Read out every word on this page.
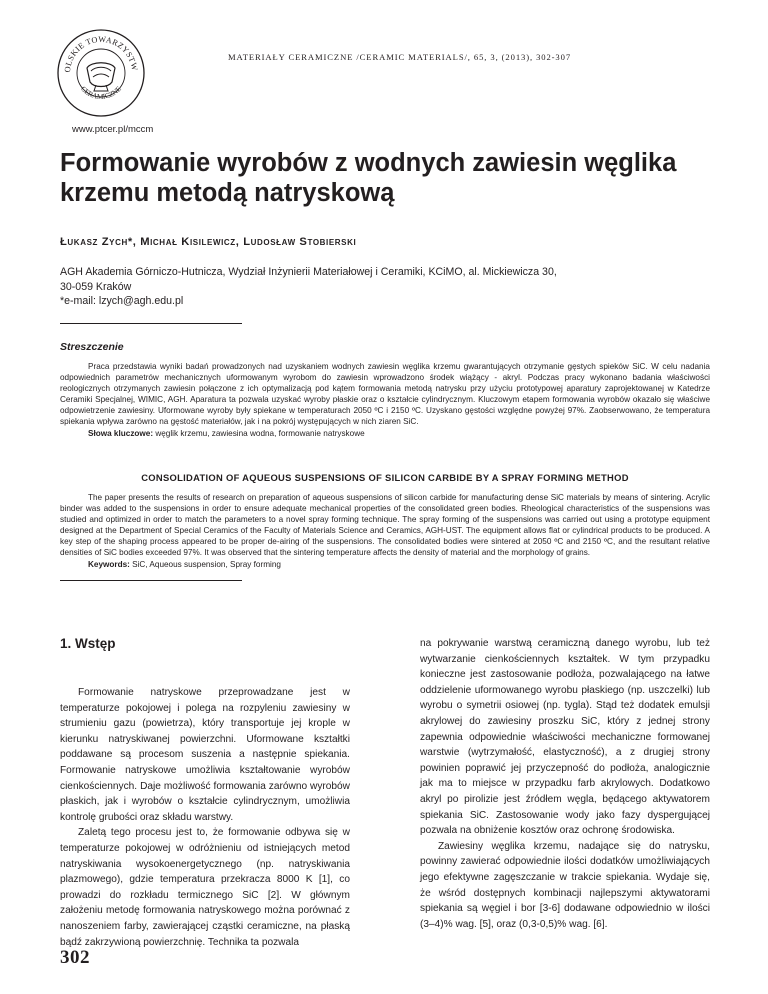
OLSKIE TOWARZYSTW
CERAMICZNE
www.ptcer.pl/mccm
MATERIAŁY CERAMICZNE /CERAMIC MATERIALS/, 65, 3, (2013), 302-307
Formowanie wyrobów z wodnych zawiesin węglika krzemu metodą natryskową
Łukasz Zych*, Michał Kisilewicz, Ludosław Stobierski
AGH Akademia Górniczo-Hutnicza, Wydział Inżynierii Materiałowej i Ceramiki, KCiMO, al. Mickiewicza 30,
30-059 Kraków
*e-mail: lzych@agh.edu.pl
Streszczenie

Praca przedstawia wyniki badań prowadzonych nad uzyskaniem wodnych zawiesin węglika krzemu gwarantujących otrzymanie gęstych spieków SiC. W celu nadania odpowiednich parametrów mechanicznych uformowanym wyrobom do zawiesin wprowadzono środek wiążący - akryl. Podczas pracy wykonano badania właściwości reologicznych otrzymanych zawiesin połączone z ich optymalizacją pod kątem formowania metodą natrysku przy użyciu prototypowej aparatury zaprojektowanej w Katedrze Ceramiki Specjalnej, WIMIC, AGH. Aparatura ta pozwala uzyskać wyroby płaskie oraz o kształcie cylindrycznym. Kluczowym etapem formowania wyrobów okazało się właściwe odpowietrzenie zawiesiny. Uformowane wyroby były spiekane w temperaturach 2050 ºC i 2150 ºC. Uzyskano gęstości względne powyżej 97%. Zaobserwowano, że temperatura spiekania wpływa zarówno na gęstość materiałów, jak i na pokrój występujących w nich ziaren SiC.

Słowa kluczowe: węglik krzemu, zawiesina wodna, formowanie natryskowe

CONSOLIDATION OF AQUEOUS SUSPENSIONS OF SILICON CARBIDE BY A SPRAY FORMING METHOD

The paper presents the results of research on preparation of aqueous suspensions of silicon carbide for manufacturing dense SiC materials by means of sintering. Acrylic binder was added to the suspensions in order to ensure adequate mechanical properties of the consolidated green bodies. Rheological characteristics of the suspensions was studied and optimized in order to match the parameters to a novel spray forming technique. The spray forming of the suspensions was carried out using a prototype equipment designed at the Department of Special Ceramics of the Faculty of Materials Science and Ceramics, AGH-UST. The equipment allows flat or cylindrical products to be produced. A key step of the shaping process appeared to be proper de-airing of the suspensions. The consolidated bodies were sintered at 2050 ºC and 2150 ºC, and the resultant relative densities of SiC bodies exceeded 97%. It was observed that the sintering temperature affects the density of material and the morphology of grains.

Keywords: SiC, Aqueous suspension, Spray forming

1. Wstęp

Formowanie natryskowe przeprowadzane jest w temperaturze pokojowej i polega na rozpyleniu zawiesiny w strumieniu gazu (powietrza), który transportuje jej krople w kierunku natryskiwanej powierzchni. Uformowane kształtki poddawane są procesom suszenia a następnie spiekania. Formowanie natryskowe umożliwia kształtowanie wyrobów cienkościennych. Daje możliwość formowania zarówno wyrobów płaskich, jak i wyrobów o kształcie cylindrycznym, umożliwia kontrolę grubości oraz składu warstwy.

Zaletą tego procesu jest to, że formowanie odbywa się w temperaturze pokojowej w odróżnieniu od istniejących metod natryskiwania wysokoenergetycznego (np. natryskiwania plazmowego), gdzie temperatura przekracza 8000 K [1], co prowadzi do rozkładu termicznego SiC [2]. W głównym założeniu metodę formowania natryskowego można porównać z nanoszeniem farby, zawierającej cząstki ceramiczne, na płaską bądź zakrzywioną powierzchnię. Technika ta pozwala

na pokrywanie warstwą ceramiczną danego wyrobu, lub też wytwarzanie cienkościennych kształtek. W tym przypadku konieczne jest zastosowanie podłoża, pozwalającego na łatwe oddzielenie uformowanego wyrobu płaskiego (np. uszczelki) lub wyrobu o symetrii osiowej (np. tygla). Stąd też dodatek emulsji akrylowej do zawiesiny proszku SiC, który z jednej strony zapewnia odpowiednie właściwości mechaniczne formowanej warstwie (wytrzymałość, elastyczność), a z drugiej strony powinien poprawić jej przyczepność do podłoża, analogicznie jak ma to miejsce w przypadku farb akrylowych. Dodatkowo akryl po pirolizie jest źródłem węgla, będącego aktywatorem spiekania SiC. Zastosowanie wody jako fazy dyspergującej pozwala na obniżenie kosztów oraz ochronę środowiska.

Zawiesiny węglika krzemu, nadające się do natrysku, powinny zawierać odpowiednie ilości dodatków umożliwiających jego efektywne zagęszczanie w trakcie spiekania. Wydaje się, że wśród dostępnych kombinacji najlepszymi aktywatorami spiekania są węgiel i bor [3-6] dodawane odpowiednio w ilości (3–4)% wag. [5], oraz (0,3-0,5)% wag. [6].

302
